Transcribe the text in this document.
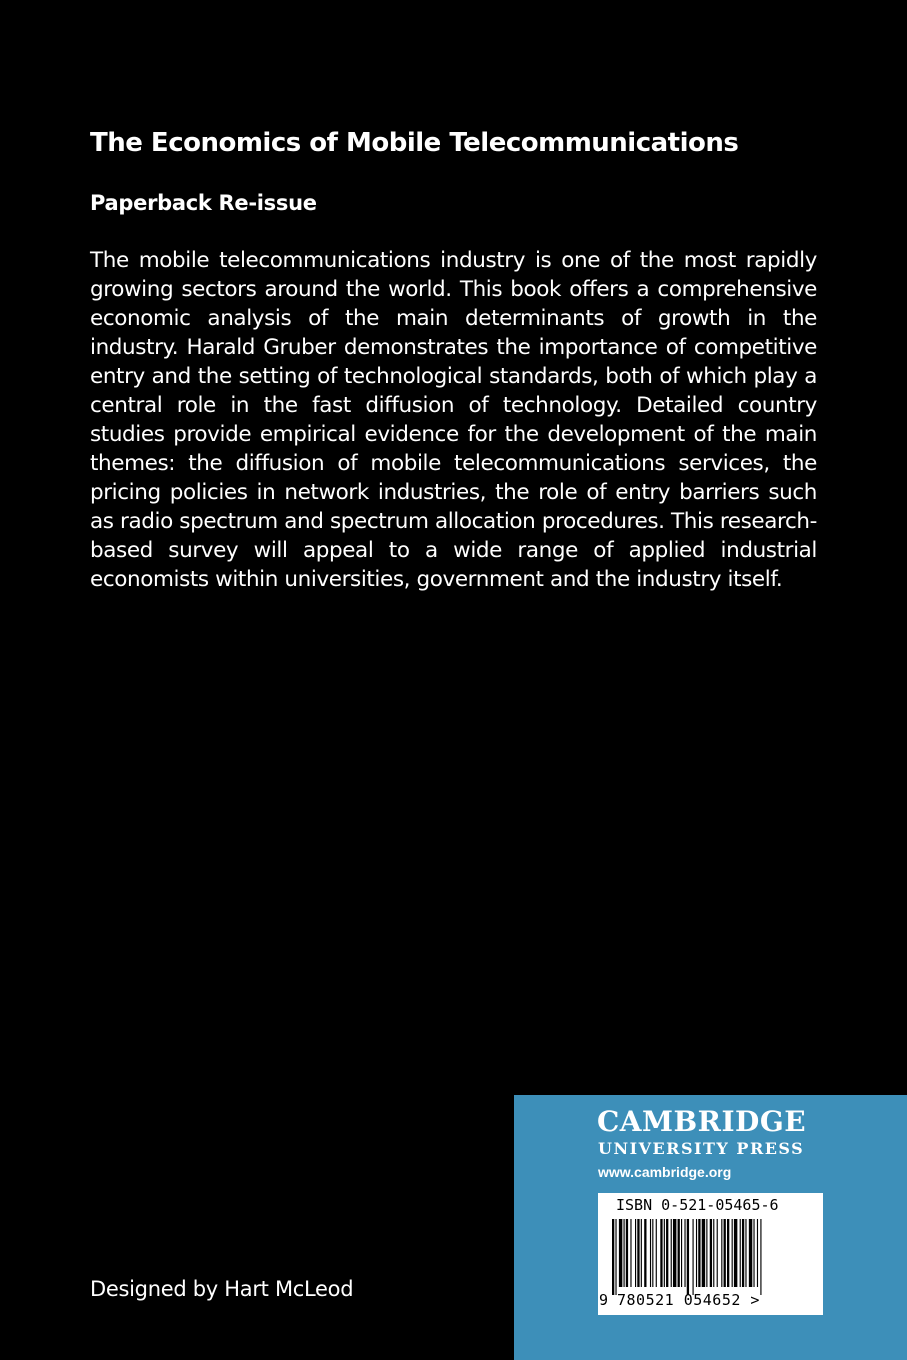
The Economics of Mobile Telecommunications
Paperback Re-issue
The mobile telecommunications industry is one of the most rapidly growing sectors around the world. This book offers a comprehensive economic analysis of the main determinants of growth in the industry. Harald Gruber demonstrates the importance of competitive entry and the setting of technological standards, both of which play a central role in the fast diffusion of technology. Detailed country studies provide empirical evidence for the development of the main themes: the diffusion of mobile telecommunications services, the pricing policies in network industries, the role of entry barriers such as radio spectrum and spectrum allocation procedures. This research-based survey will appeal to a wide range of applied industrial economists within universities, government and the industry itself.
Designed by Hart McLeod
CAMBRIDGE
UNIVERSITY PRESS
www.cambridge.org
ISBN 0-521-05465-6
9 780521 054652 >
